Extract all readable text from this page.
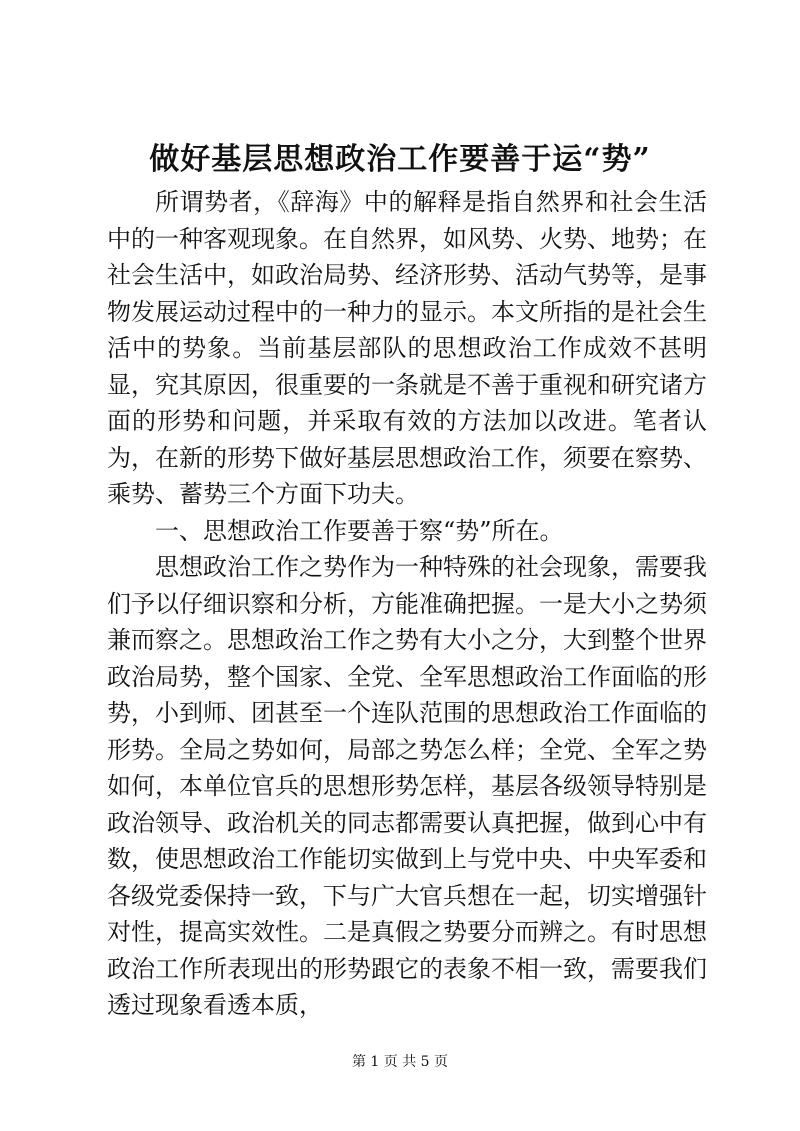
做好基层思想政治工作要善于运“势”

所谓势者，《辞海》中的解释是指自然界和社会生活中的一种客观现象。在自然界，如风势、火势、地势；在社会生活中，如政治局势、经济形势、活动气势等，是事物发展运动过程中的一种力的显示。本文所指的是社会生活中的势象。当前基层部队的思想政治工作成效不甚明显，究其原因，很重要的一条就是不善于重视和研究诸方面的形势和问题，并采取有效的方法加以改进。笔者认为，在新的形势下做好基层思想政治工作，须要在察势、乘势、蓄势三个方面下功夫。

一、思想政治工作要善于察“势”所在。

思想政治工作之势作为一种特殊的社会现象，需要我们予以仔细识察和分析，方能准确把握。一是大小之势须兼而察之。思想政治工作之势有大小之分，大到整个世界政治局势，整个国家、全党、全军思想政治工作面临的形势，小到师、团甚至一个连队范围的思想政治工作面临的形势。全局之势如何，局部之势怎么样；全党、全军之势如何，本单位官兵的思想形势怎样，基层各级领导特别是政治领导、政治机关的同志都需要认真把握，做到心中有数，使思想政治工作能切实做到上与党中央、中央军委和各级党委保持一致，下与广大官兵想在一起，切实增强针对性，提高实效性。二是真假之势要分而辨之。有时思想政治工作所表现出的形势跟它的表象不相一致，需要我们透过现象看透本质，

第 1 页 共 5 页
